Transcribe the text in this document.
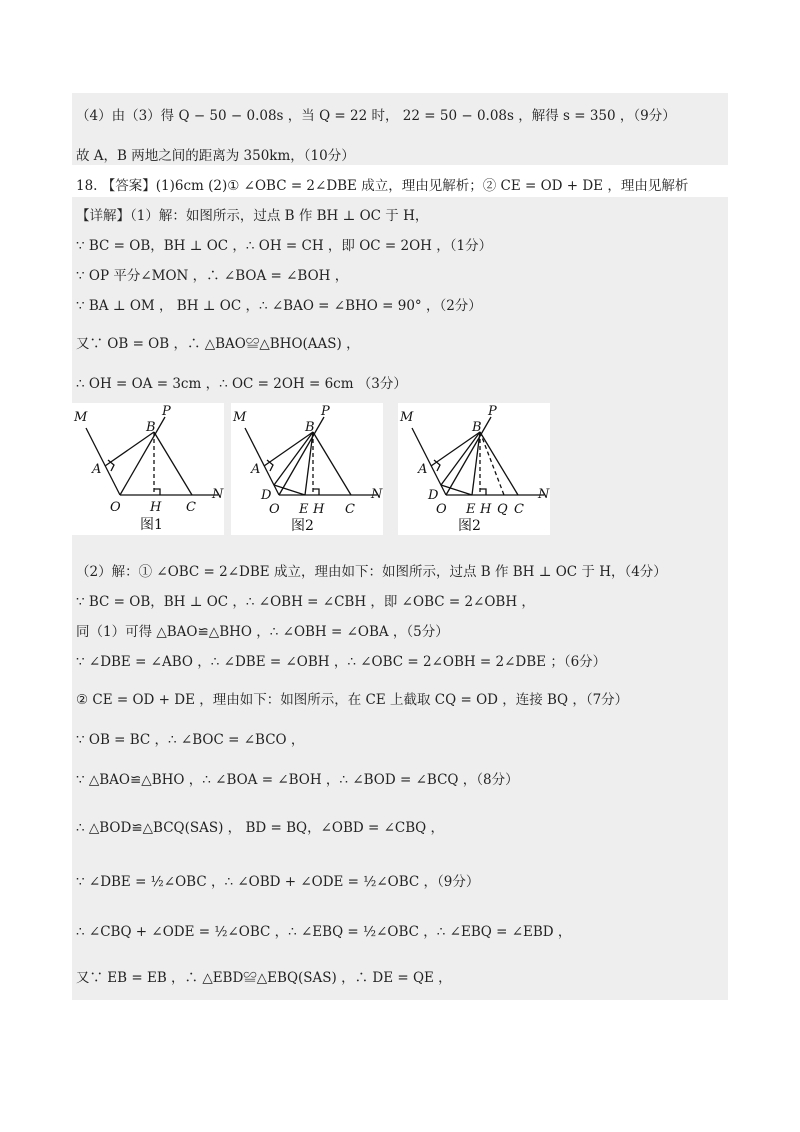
（4）由（3）得 Q − 50 − 0.08s ，当 Q = 22 时， 22 = 50 − 0.08s ，解得 s = 350 ，（9分）
故 A，B 两地之间的距离为 350km，（10分）
18. 【答案】(1)6cm (2)① ∠OBC = 2∠DBE 成立，理由见解析；② CE = OD + DE ，理由见解析
【详解】（1）解：如图所示，过点 B 作 BH ⊥ OC 于 H，
∵ BC = OB，BH ⊥ OC ，∴ OH = CH ，即 OC = 2OH ，（1分）
∵ OP 平分∠MON ，∴ ∠BOA = ∠BOH ，
∵ BA ⊥ OM ， BH ⊥ OC ，∴ ∠BAO = ∠BHO = 90° ，（2分）
又∵ OB = OB ，∴ △BAO≌△BHO(AAS) ，
∴ OH = OA = 3cm ，∴ OC = 2OH = 6cm （3分）
M	P
B
A
O H C
N
图1
M	P
B
A
D
O E H C
N
图2
M	P
B
A
D
O E H Q C
N
图2
（2）解：① ∠OBC = 2∠DBE 成立，理由如下：如图所示，过点 B 作 BH ⊥ OC 于 H，（4分）
∵ BC = OB，BH ⊥ OC ，∴ ∠OBH = ∠CBH ，即 ∠OBC = 2∠OBH ，
同（1）可得 △BAO≌△BHO ，∴ ∠OBH = ∠OBA ，（5分）
∵ ∠DBE = ∠ABO ，∴ ∠DBE = ∠OBH ，∴ ∠OBC = 2∠OBH = 2∠DBE ；（6分）
② CE = OD + DE ，理由如下：如图所示，在 CE 上截取 CQ = OD ，连接 BQ ，（7分）
∵ OB = BC ，∴ ∠BOC = ∠BCO ，
∵ △BAO≌△BHO ，∴ ∠BOA = ∠BOH ，∴ ∠BOD = ∠BCQ ，（8分）
∴ △BOD≌△BCQ(SAS) ， BD = BQ，∠OBD = ∠CBQ ，
∵ ∠DBE = ½∠OBC ，∴ ∠OBD + ∠ODE = ½∠OBC ，（9分）
∴ ∠CBQ + ∠ODE = ½∠OBC ，∴ ∠EBQ = ½∠OBC ，∴ ∠EBQ = ∠EBD ，
又∵ EB = EB ，∴ △EBD≌△EBQ(SAS) ，∴ DE = QE ，
